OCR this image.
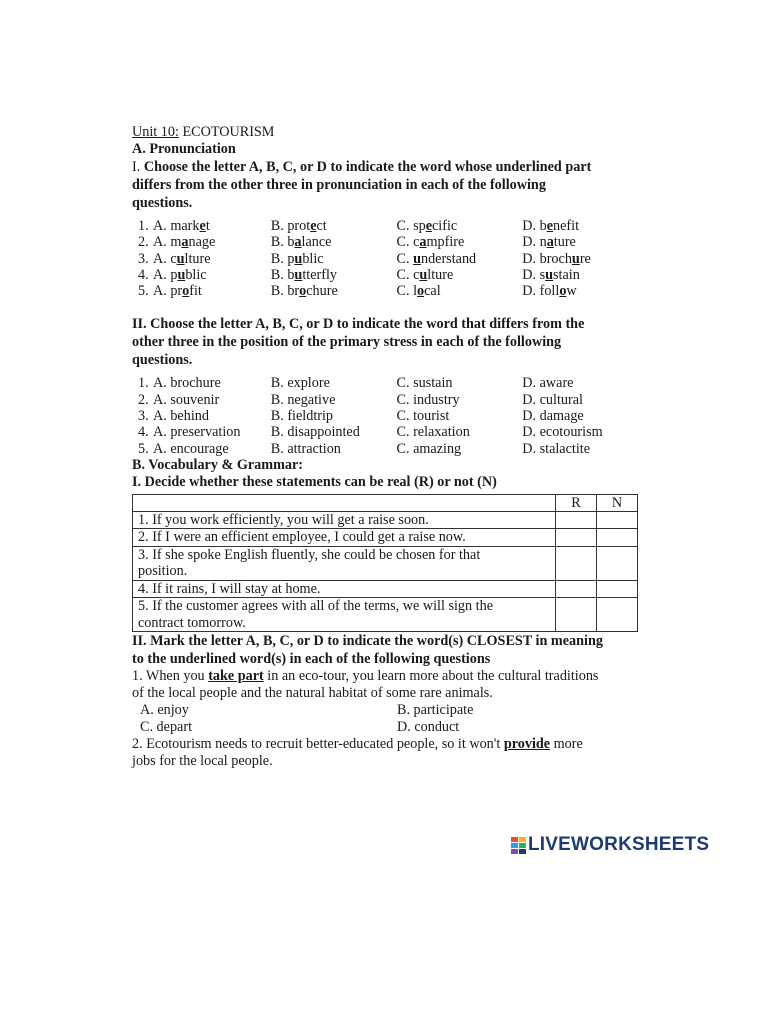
Unit 10: ECOTOURISM
A. Pronunciation
I. Choose the letter A, B, C, or D to indicate the word whose underlined part
differs from the other three in pronunciation in each of the following
questions.
1. A. market	B. protect	C. specific	D. benefit
2. A. manage	B. balance	C. campfire	D. nature
3. A. culture	B. public	C. understand	D. brochure
4. A. public	B. butterfly	C. culture	D. sustain
5. A. profit	B. brochure	C. local	D. follow
II. Choose the letter A, B, C, or D to indicate the word that differs from the
other three in the position of the primary stress in each of the following
questions.
1. A. brochure	B. explore	C. sustain	D. aware
2. A. souvenir	B. negative	C. industry	D. cultural
3. A. behind	B. fieldtrip	C. tourist	D. damage
4. A. preservation	B. disappointed	C. relaxation	D. ecotourism
5. A. encourage	B. attraction	C. amazing	D. stalactite
B. Vocabulary & Grammar:
I. Decide whether these statements can be real (R) or not (N)
	R	N

1. If you work efficiently, you will get a raise soon.		

2. If I were an efficient employee, I could get a raise now.		

3. If she spoke English fluently, she could be chosen for that
position.		

4. If it rains, I will stay at home.		

5. If the customer agrees with all of the terms, we will sign the
contract tomorrow.		

II. Mark the letter A, B, C, or D to indicate the word(s) CLOSEST in meaning
to the underlined word(s) in each of the following questions
1. When you take part in an eco-tour, you learn more about the cultural traditions
of the local people and the natural habitat of some rare animals.
A. enjoy	B. participate
C. depart	D. conduct
2. Ecotourism needs to recruit better-educated people, so it won't provide more
jobs for the local people.
LIVEWORKSHEETS
